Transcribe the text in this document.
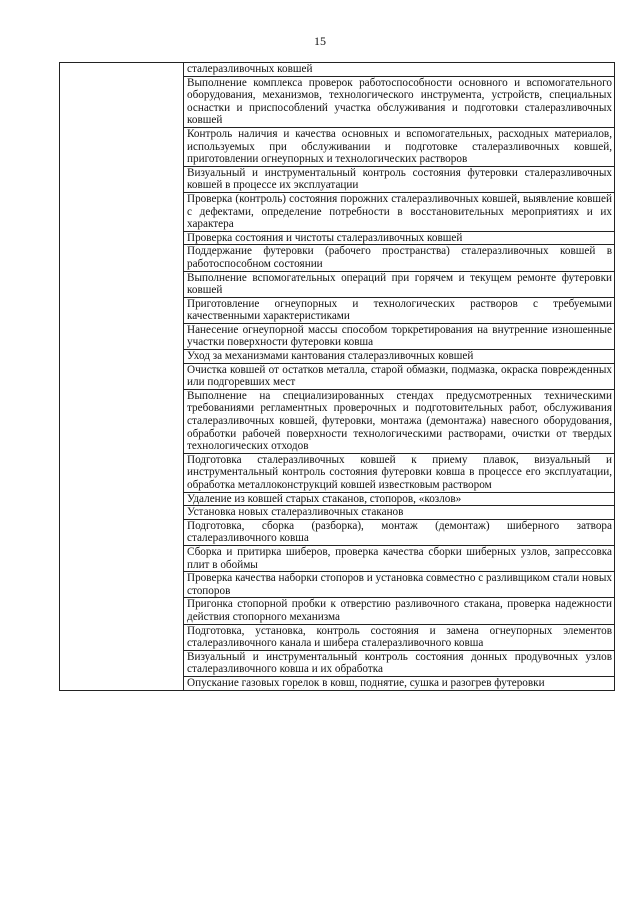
15
	сталеразливочных ковшей
Выполнение комплекса проверок работоспособности основного и вспомогательного оборудования, механизмов, технологического инструмента, устройств, специальных оснастки и приспособлений участка обслуживания и подготовки сталеразливочных ковшей
Контроль наличия и качества основных и вспомогательных, расходных материалов, используемых при обслуживании и подготовке сталеразливочных ковшей, приготовлении огнеупорных и технологических растворов
Визуальный и инструментальный контроль состояния футеровки сталеразливочных ковшей в процессе их эксплуатации
Проверка (контроль) состояния порожних сталеразливочных ковшей, выявление ковшей с дефектами, определение потребности в восстановительных мероприятиях и их характера
Проверка состояния и чистоты сталеразливочных ковшей
Поддержание футеровки (рабочего пространства) сталеразливочных ковшей в работоспособном состоянии
Выполнение вспомогательных операций при горячем и текущем ремонте футеровки ковшей
Приготовление огнеупорных и технологических растворов с требуемыми качественными характеристиками
Нанесение огнеупорной массы способом торкретирования на внутренние изношенные участки поверхности футеровки ковша
Уход за механизмами кантования сталеразливочных ковшей
Очистка ковшей от остатков металла, старой обмазки, подмазка, окраска поврежденных или подгоревших мест
Выполнение на специализированных стендах предусмотренных техническими требованиями регламентных проверочных и подготовительных работ, обслуживания сталеразливочных ковшей, футеровки, монтажа (демонтажа) навесного оборудования, обработки рабочей поверхности технологическими растворами, очистки от твердых технологических отходов
Подготовка сталеразливочных ковшей к приему плавок, визуальный и инструментальный контроль состояния футеровки ковша в процессе его эксплуатации, обработка металлоконструкций ковшей известковым раствором
Удаление из ковшей старых стаканов, стопоров, «козлов»
Установка новых сталеразливочных стаканов
Подготовка, сборка (разборка), монтаж (демонтаж) шиберного затвора сталеразливочного ковша
Сборка и притирка шиберов, проверка качества сборки шиберных узлов, запрессовка плит в обоймы
Проверка качества наборки стопоров и установка совместно с разливщиком стали новых стопоров
Пригонка стопорной пробки к отверстию разливочного стакана, проверка надежности действия стопорного механизма
Подготовка, установка, контроль состояния и замена огнеупорных элементов сталеразливочного канала и шибера сталеразливочного ковша
Визуальный и инструментальный контроль состояния донных продувочных узлов сталеразливочного ковша и их обработка
Опускание газовых горелок в ковш, поднятие, сушка и разогрев футеровки
